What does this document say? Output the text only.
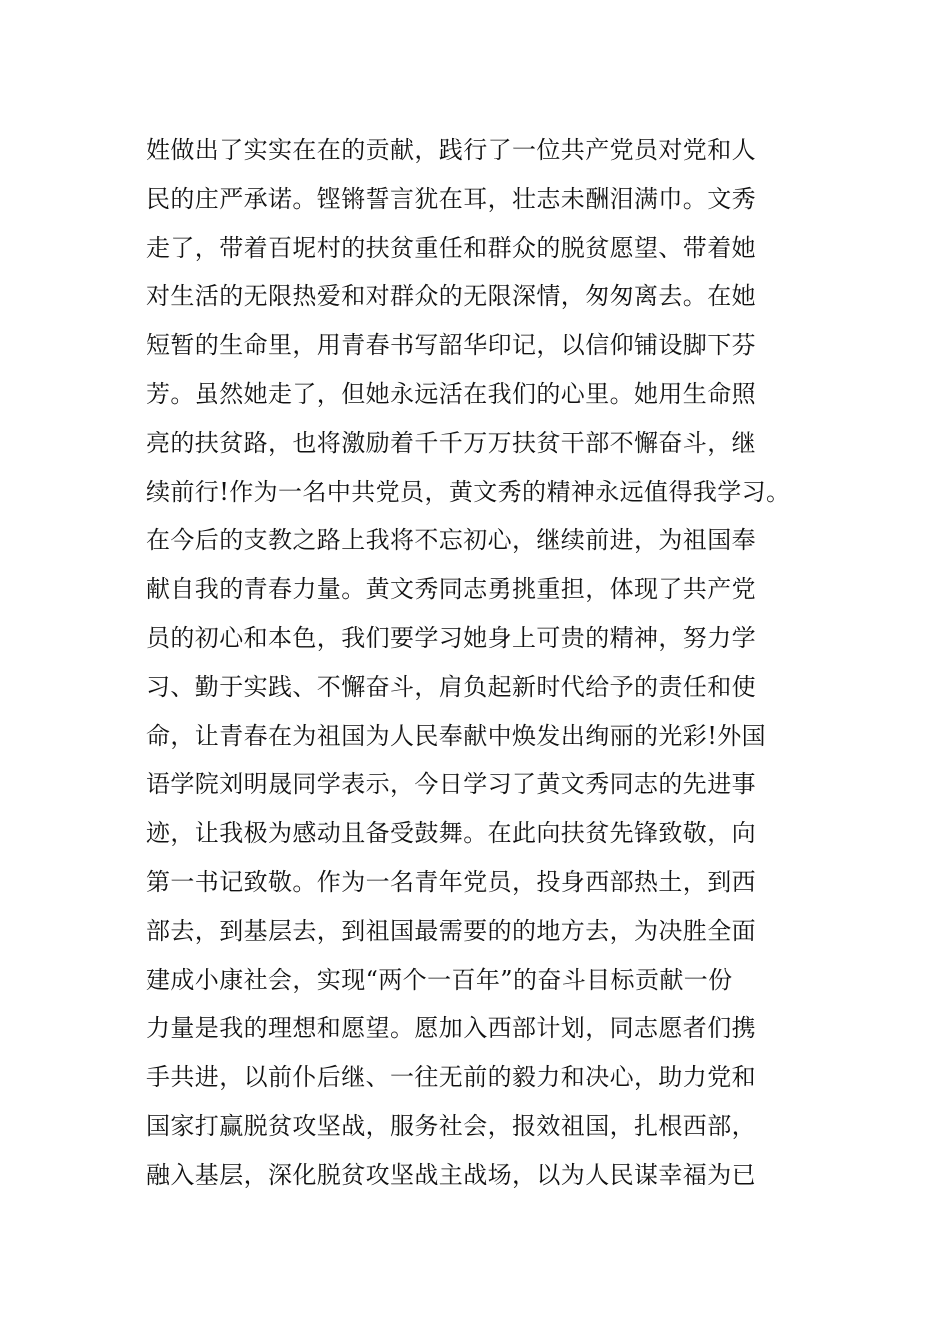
姓做出了实实在在的贡献，践行了一位共产党员对党和人
民的庄严承诺。铿锵誓言犹在耳，壮志未酬泪满巾。文秀
走了，带着百坭村的扶贫重任和群众的脱贫愿望、带着她
对生活的无限热爱和对群众的无限深情，匆匆离去。在她
短暂的生命里，用青春书写韶华印记，以信仰铺设脚下芬
芳。虽然她走了，但她永远活在我们的心里。她用生命照
亮的扶贫路，也将激励着千千万万扶贫干部不懈奋斗，继
续前行!作为一名中共党员，黄文秀的精神永远值得我学习。
在今后的支教之路上我将不忘初心，继续前进，为祖国奉
献自我的青春力量。黄文秀同志勇挑重担，体现了共产党
员的初心和本色，我们要学习她身上可贵的精神，努力学
习、勤于实践、不懈奋斗，肩负起新时代给予的责任和使
命，让青春在为祖国为人民奉献中焕发出绚丽的光彩!外国
语学院刘明晟同学表示，今日学习了黄文秀同志的先进事
迹，让我极为感动且备受鼓舞。在此向扶贫先锋致敬，向
第一书记致敬。作为一名青年党员，投身西部热土，到西
部去，到基层去，到祖国最需要的的地方去，为决胜全面
建成小康社会，实现“两个一百年”的奋斗目标贡献一份
力量是我的理想和愿望。愿加入西部计划，同志愿者们携
手共进，以前仆后继、一往无前的毅力和决心，助力党和
国家打赢脱贫攻坚战，服务社会，报效祖国，扎根西部，
融入基层，深化脱贫攻坚战主战场，以为人民谋幸福为已
